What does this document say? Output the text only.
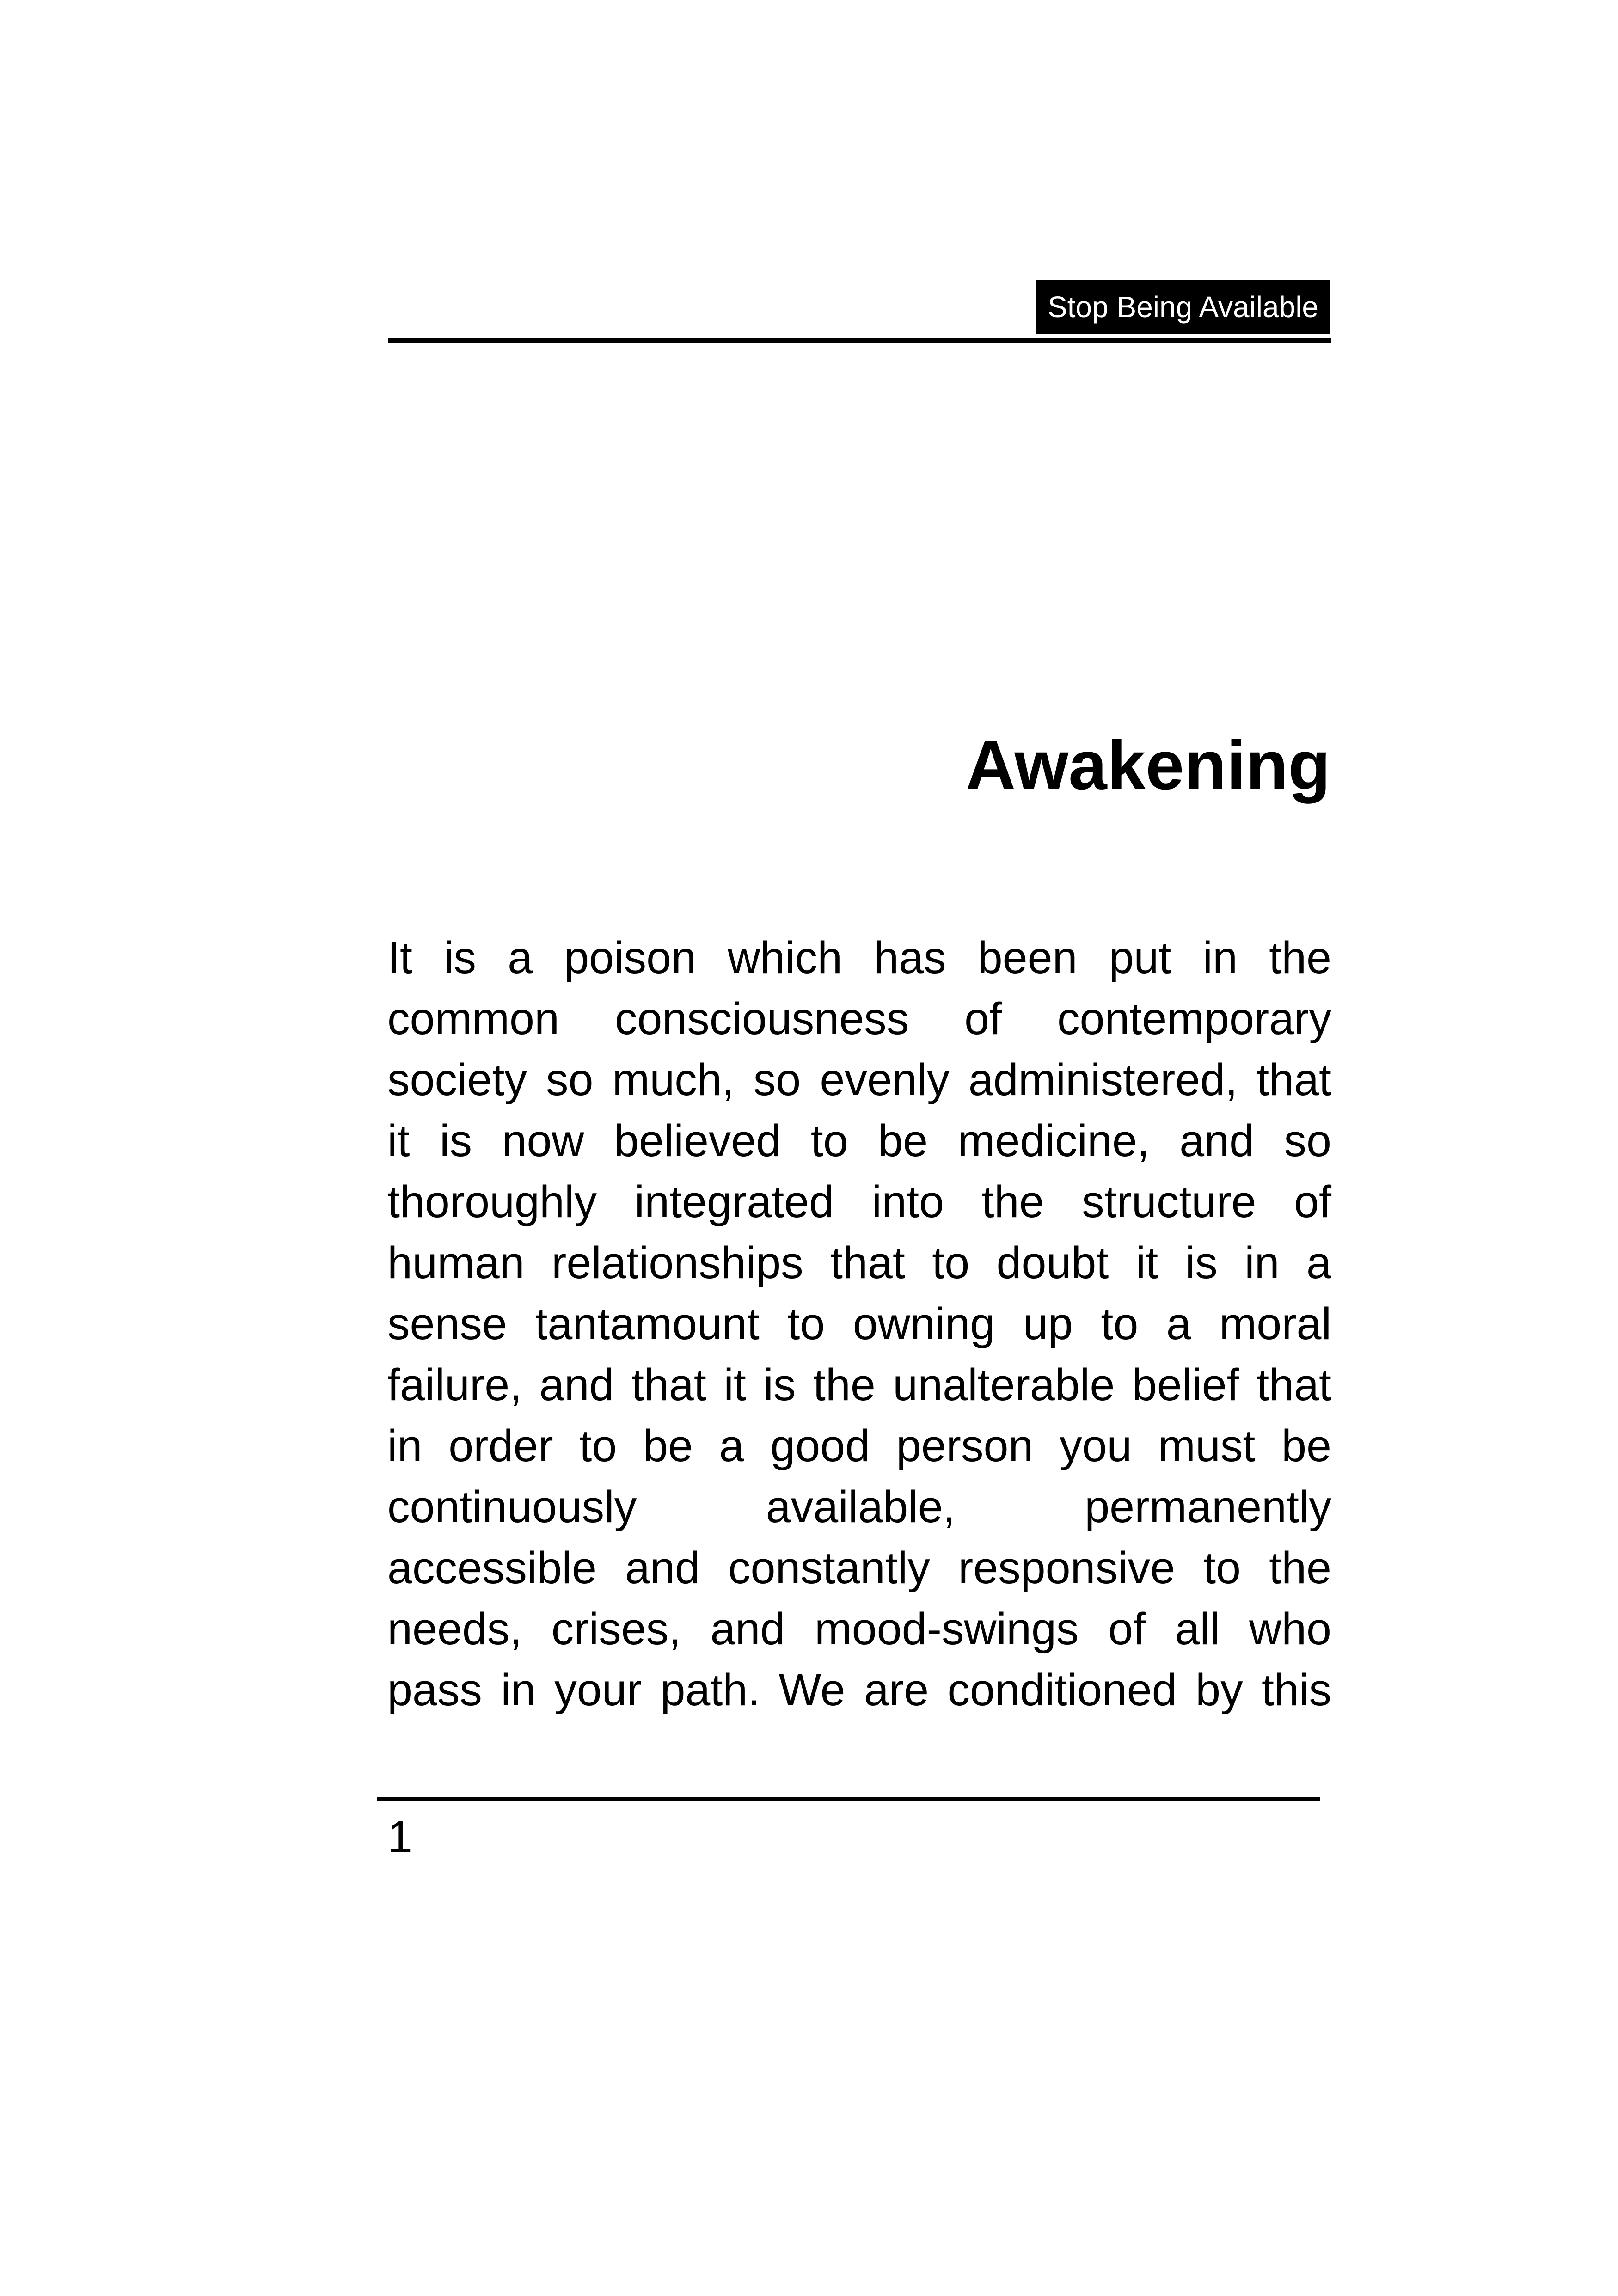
Stop Being Available
Awakening
It is a poison which has been put in the
common consciousness of contemporary
society so much, so evenly administered, that
it is now believed to be medicine, and so
thoroughly integrated into the structure of
human relationships that to doubt it is in a
sense tantamount to owning up to a moral
failure, and that it is the unalterable belief that
in order to be a good person you must be
continuously available, permanently
accessible and constantly responsive to the
needs, crises, and mood-swings of all who
pass in your path. We are conditioned by this
1
